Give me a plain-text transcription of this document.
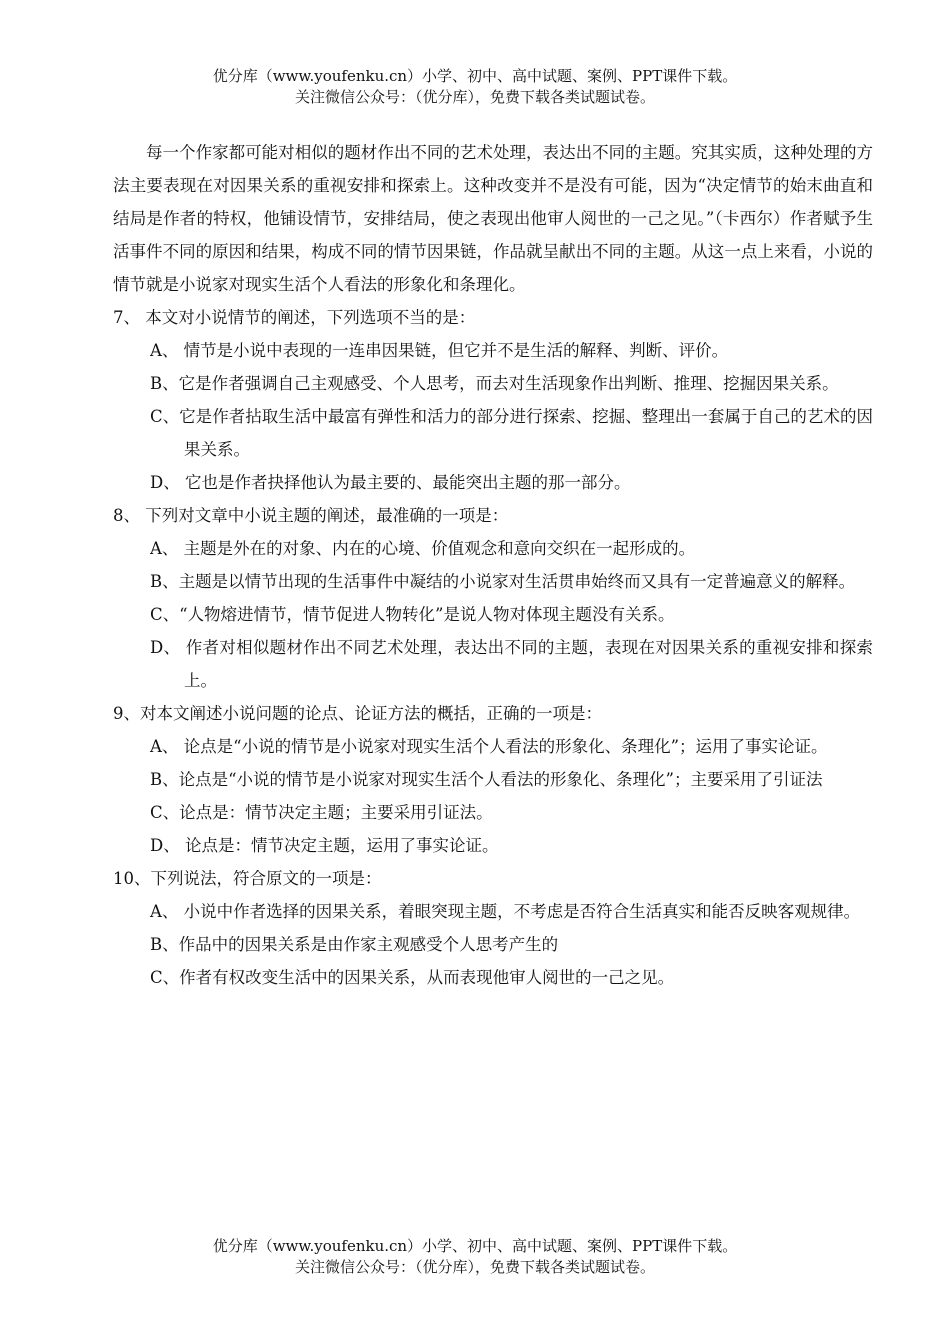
优分库（www.youfenku.cn）小学、初中、高中试题、案例、PPT课件下载。
关注微信公众号：（优分库），免费下载各类试题试卷。

每一个作家都可能对相似的题材作出不同的艺术处理，表达出不同的主题。究其实质，这种处理的方法主要表现在对因果关系的重视安排和探索上。这种改变并不是没有可能，因为“决定情节的始末曲直和结局是作者的特权，他铺设情节，安排结局，使之表现出他审人阅世的一己之见。”（卡西尔）作者赋予生活事件不同的原因和结果，构成不同的情节因果链，作品就呈献出不同的主题。从这一点上来看，小说的情节就是小说家对现实生活个人看法的形象化和条理化。

7、 本文对小说情节的阐述，下列选项不当的是：

A、 情节是小说中表现的一连串因果链，但它并不是生活的解释、判断、评价。

B、它是作者强调自己主观感受、个人思考，而去对生活现象作出判断、推理、挖掘因果关系。

C、它是作者拈取生活中最富有弹性和活力的部分进行探索、挖掘、整理出一套属于自己的艺术的因果关系。

D、 它也是作者抉择他认为最主要的、最能突出主题的那一部分。

8、 下列对文章中小说主题的阐述，最准确的一项是：

A、 主题是外在的对象、内在的心境、价值观念和意向交织在一起形成的。

B、主题是以情节出现的生活事件中凝结的小说家对生活贯串始终而又具有一定普遍意义的解释。

C、“人物熔进情节，情节促进人物转化”是说人物对体现主题没有关系。

D、 作者对相似题材作出不同艺术处理，表达出不同的主题，表现在对因果关系的重视安排和探索上。

9、对本文阐述小说问题的论点、论证方法的概括，正确的一项是：

A、 论点是“小说的情节是小说家对现实生活个人看法的形象化、条理化”；运用了事实论证。

B、论点是“小说的情节是小说家对现实生活个人看法的形象化、条理化”；主要采用了引证法

C、论点是：情节决定主题；主要采用引证法。

D、 论点是：情节决定主题，运用了事实论证。

10、下列说法，符合原文的一项是：

A、 小说中作者选择的因果关系，着眼突现主题，不考虑是否符合生活真实和能否反映客观规律。

B、作品中的因果关系是由作家主观感受个人思考产生的

C、作者有权改变生活中的因果关系，从而表现他审人阅世的一己之见。

优分库（www.youfenku.cn）小学、初中、高中试题、案例、PPT课件下载。
关注微信公众号：（优分库），免费下载各类试题试卷。
